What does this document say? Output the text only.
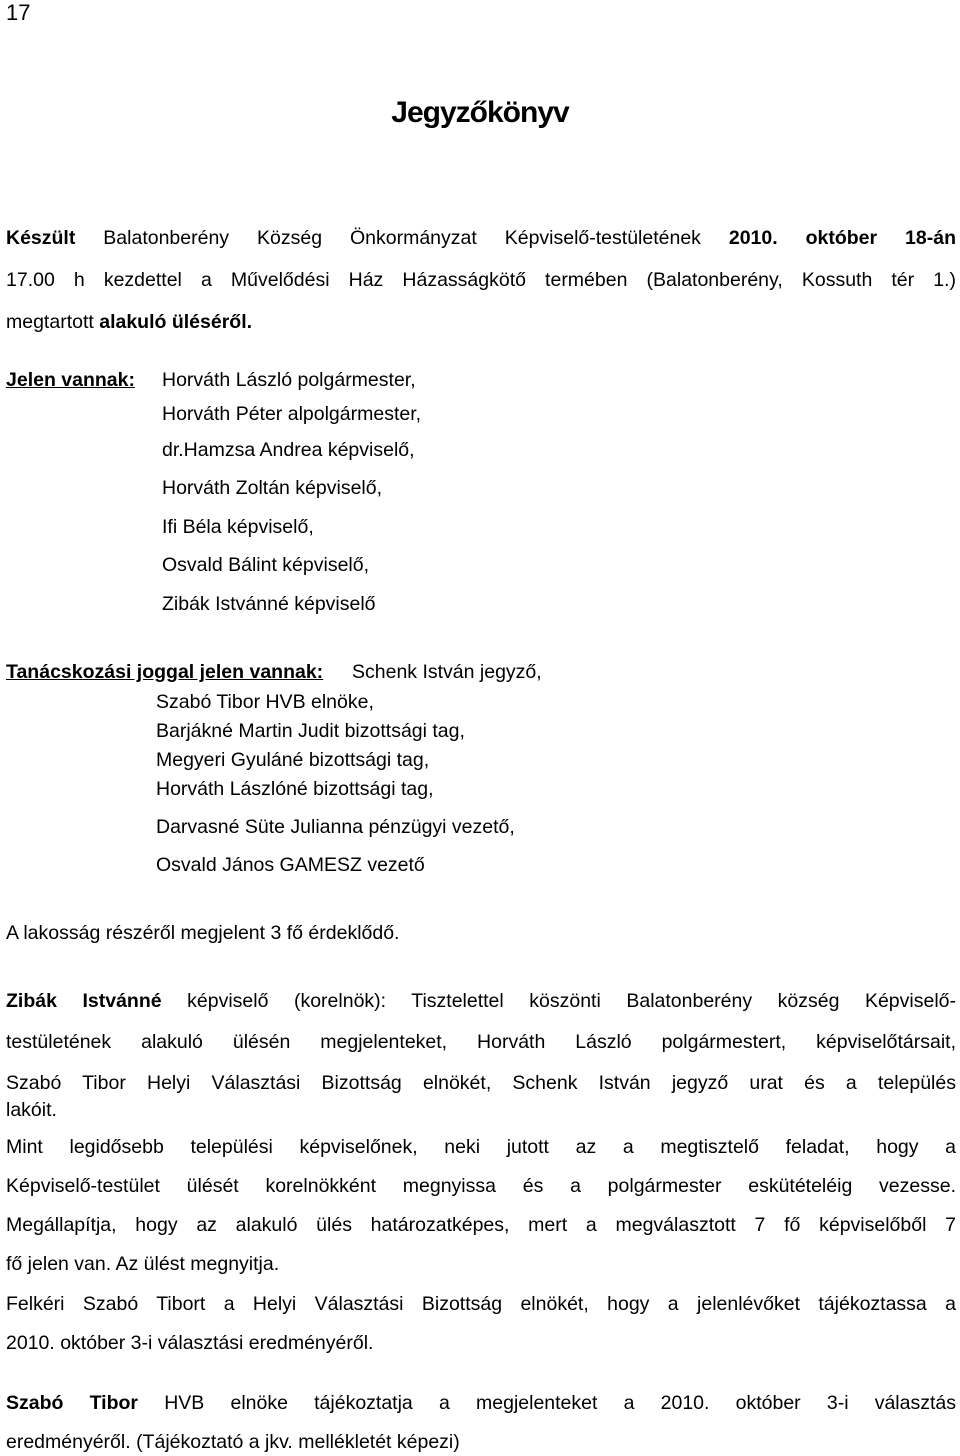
17
Jegyzőkönyv
Készült Balatonberény Község Önkormányzat Képviselő-testületének 2010. október 18-án
17.00 h kezdettel a Művelődési Ház Házasságkötő termében (Balatonberény, Kossuth tér 1.)
megtartott alakuló üléséről.
Jelen vannak: Horváth László polgármester,
Horváth Péter alpolgármester,
dr.Hamzsa Andrea képviselő,
Horváth Zoltán képviselő,
Ifi Béla képviselő,
Osvald Bálint képviselő,
Zibák Istvánné képviselő
Tanácskozási joggal jelen vannak: Schenk István jegyző,
Szabó Tibor HVB elnöke,
Barjákné Martin Judit bizottsági tag,
Megyeri Gyuláné bizottsági tag,
Horváth Lászlóné bizottsági tag,
Darvasné Süte Julianna pénzügyi vezető,
Osvald János GAMESZ vezető
A lakosság részéről megjelent 3 fő érdeklődő.
Zibák Istvánné képviselő (korelnök): Tisztelettel köszönti Balatonberény község Képviselő-
testületének alakuló ülésén megjelenteket, Horváth László polgármestert, képviselőtársait,
Szabó Tibor Helyi Választási Bizottság elnökét, Schenk István jegyző urat és a település
lakóit.
Mint legidősebb települési képviselőnek, neki jutott az a megtisztelő feladat, hogy a
Képviselő-testület ülését korelnökként megnyissa és a polgármester eskütételéig vezesse.
Megállapítja, hogy az alakuló ülés határozatképes, mert a megválasztott 7 fő képviselőből 7
fő jelen van. Az ülést megnyitja.
Felkéri Szabó Tibort a Helyi Választási Bizottság elnökét, hogy a jelenlévőket tájékoztassa a
2010. október 3-i választási eredményéről.
Szabó Tibor HVB elnöke tájékoztatja a megjelenteket a 2010. október 3-i választás
eredményéről. (Tájékoztató a jkv. mellékletét képezi)
